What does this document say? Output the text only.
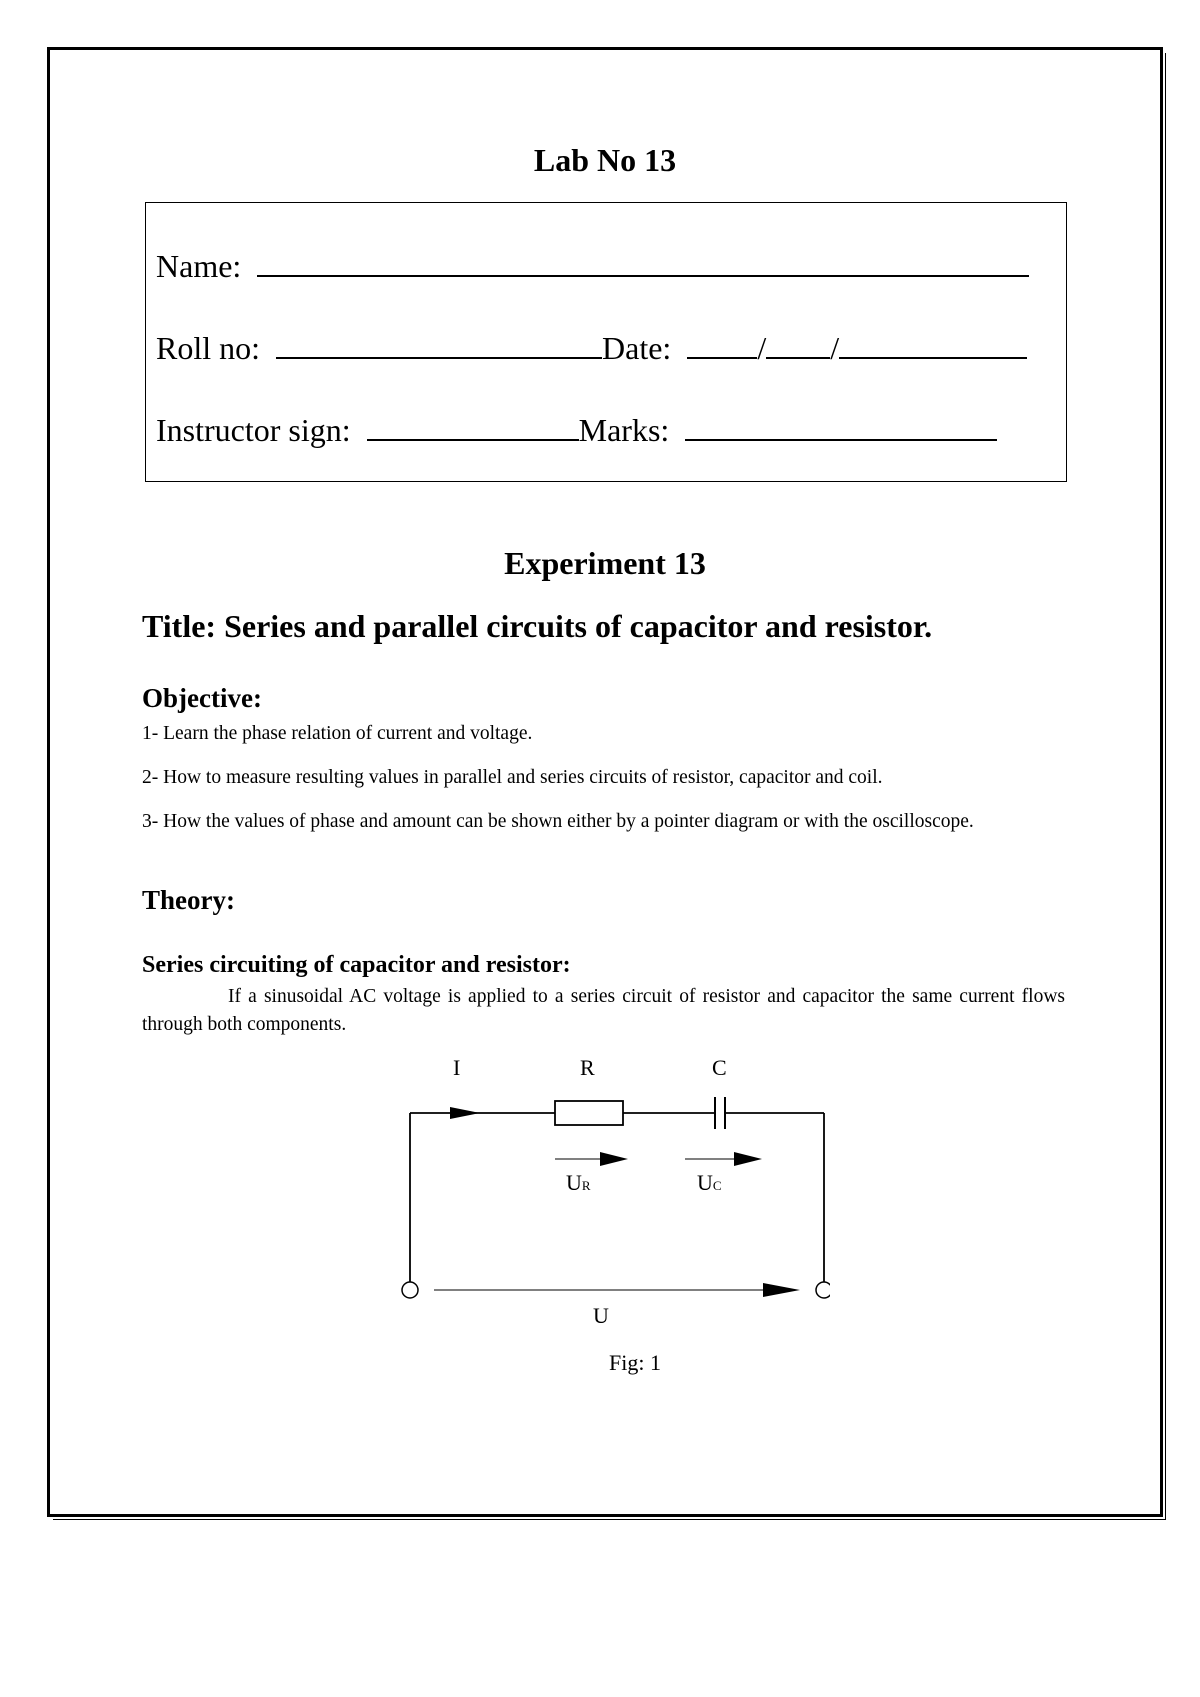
Lab No 13
Name:
Roll no:	Date:	/ /
Instructor sign:	Marks:
Experiment 13
Title: Series and parallel circuits of capacitor and resistor.
Objective:
1- Learn the phase relation of current and voltage.
2- How to measure resulting values in parallel and series circuits of resistor, capacitor and coil.
3- How the values of phase and amount can be shown either by a pointer diagram or with the oscilloscope.
Theory:
Series circuiting of capacitor and resistor:
If a sinusoidal AC voltage is applied to a series circuit of resistor and capacitor the same current flows through both components.
I	R	C
UR	UC
U
Fig: 1
